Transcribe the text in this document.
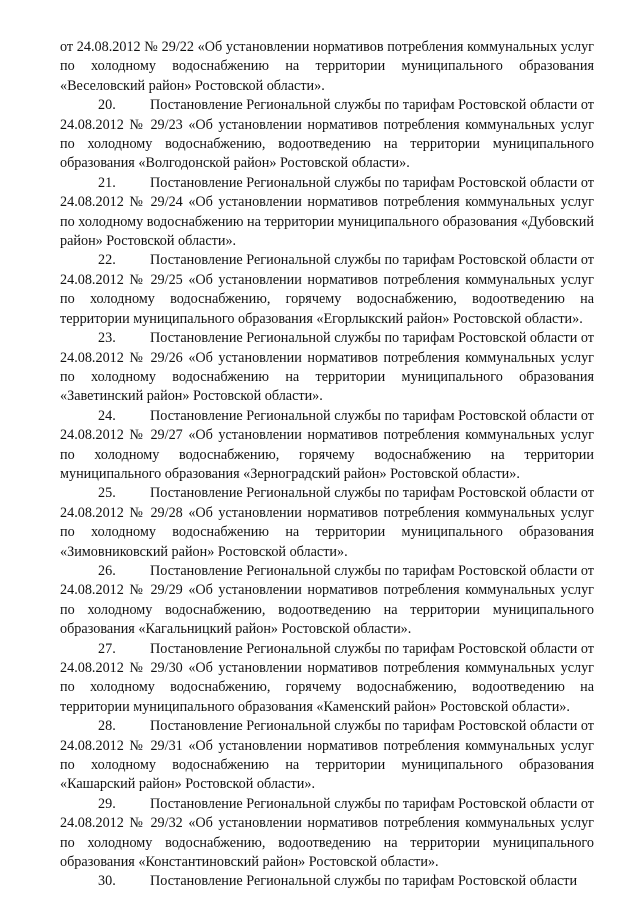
от 24.08.2012 № 29/22 «Об установлении нормативов потребления коммунальных услуг по холодному водоснабжению на территории муниципального образования «Веселовский район» Ростовской области».

20. Постановление Региональной службы по тарифам Ростовской области от 24.08.2012 № 29/23 «Об установлении нормативов потребления коммунальных услуг по холодному водоснабжению, водоотведению на территории муниципального образования «Волгодонской район» Ростовской области».

21. Постановление Региональной службы по тарифам Ростовской области от 24.08.2012 № 29/24 «Об установлении нормативов потребления коммунальных услуг по холодному водоснабжению на территории муниципального образования «Дубовский район» Ростовской области».

22. Постановление Региональной службы по тарифам Ростовской области от 24.08.2012 № 29/25 «Об установлении нормативов потребления коммунальных услуг по холодному водоснабжению, горячему водоснабжению, водоотведению на территории муниципального образования «Егорлыкский район» Ростовской области».

23. Постановление Региональной службы по тарифам Ростовской области от 24.08.2012 № 29/26 «Об установлении нормативов потребления коммунальных услуг по холодному водоснабжению на территории муниципального образования «Заветинский район» Ростовской области».

24. Постановление Региональной службы по тарифам Ростовской области от 24.08.2012 № 29/27 «Об установлении нормативов потребления коммунальных услуг по холодному водоснабжению, горячему водоснабжению на территории муниципального образования «Зерноградский район» Ростовской области».

25. Постановление Региональной службы по тарифам Ростовской области от 24.08.2012 № 29/28 «Об установлении нормативов потребления коммунальных услуг по холодному водоснабжению на территории муниципального образования «Зимовниковский район» Ростовской области».

26. Постановление Региональной службы по тарифам Ростовской области от 24.08.2012 № 29/29 «Об установлении нормативов потребления коммунальных услуг по холодному водоснабжению, водоотведению на территории муниципального образования «Кагальницкий район» Ростовской области».

27. Постановление Региональной службы по тарифам Ростовской области от 24.08.2012 № 29/30 «Об установлении нормативов потребления коммунальных услуг по холодному водоснабжению, горячему водоснабжению, водоотведению на территории муниципального образования «Каменский район» Ростовской области».

28. Постановление Региональной службы по тарифам Ростовской области от 24.08.2012 № 29/31 «Об установлении нормативов потребления коммунальных услуг по холодному водоснабжению на территории муниципального образования «Кашарский район» Ростовской области».

29. Постановление Региональной службы по тарифам Ростовской области от 24.08.2012 № 29/32 «Об установлении нормативов потребления коммунальных услуг по холодному водоснабжению, водоотведению на территории муниципального образования «Константиновский район» Ростовской области».

30. Постановление Региональной службы по тарифам Ростовской области
